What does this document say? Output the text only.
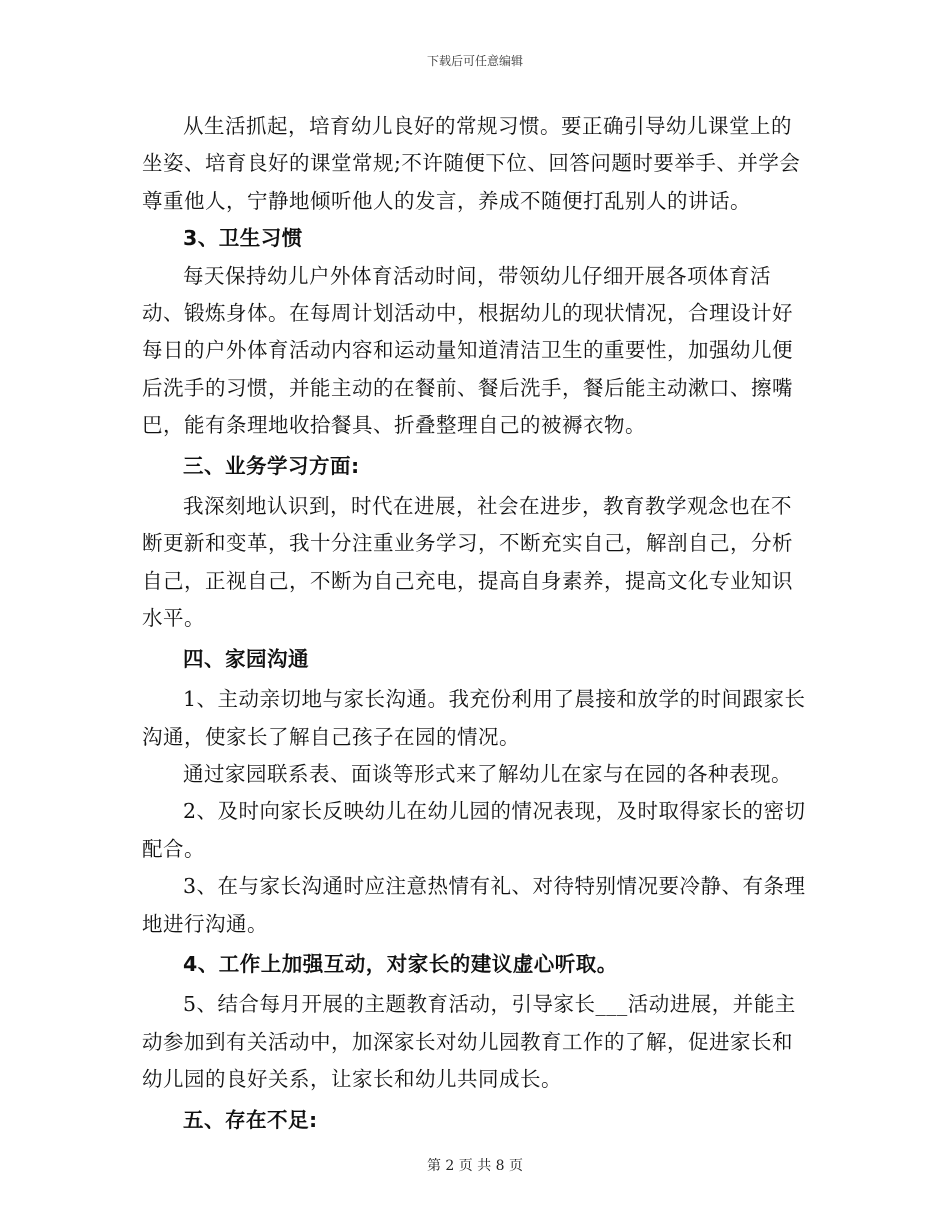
下载后可任意编辑

从生活抓起，培育幼儿良好的常规习惯。要正确引导幼儿课堂上的坐姿、培育良好的课堂常规;不许随便下位、回答问题时要举手、并学会尊重他人，宁静地倾听他人的发言，养成不随便打乱别人的讲话。

3、卫生习惯

每天保持幼儿户外体育活动时间，带领幼儿仔细开展各项体育活动、锻炼身体。在每周计划活动中，根据幼儿的现状情况，合理设计好每日的户外体育活动内容和运动量知道清洁卫生的重要性，加强幼儿便后洗手的习惯，并能主动的在餐前、餐后洗手，餐后能主动漱口、擦嘴巴，能有条理地收拾餐具、折叠整理自己的被褥衣物。

三、业务学习方面:

我深刻地认识到，时代在进展，社会在进步，教育教学观念也在不断更新和变革，我十分注重业务学习，不断充实自己，解剖自己，分析自己，正视自己，不断为自己充电，提高自身素养，提高文化专业知识水平。

四、家园沟通

1、主动亲切地与家长沟通。我充份利用了晨接和放学的时间跟家长沟通，使家长了解自己孩子在园的情况。

通过家园联系表、面谈等形式来了解幼儿在家与在园的各种表现。

2、及时向家长反映幼儿在幼儿园的情况表现，及时取得家长的密切配合。

3、在与家长沟通时应注意热情有礼、对待特别情况要冷静、有条理地进行沟通。

4、工作上加强互动，对家长的建议虚心听取。

5、结合每月开展的主题教育活动，引导家长___活动进展，并能主动参加到有关活动中，加深家长对幼儿园教育工作的了解，促进家长和幼儿园的良好关系，让家长和幼儿共同成长。

五、存在不足:

第 2 页 共 8 页
